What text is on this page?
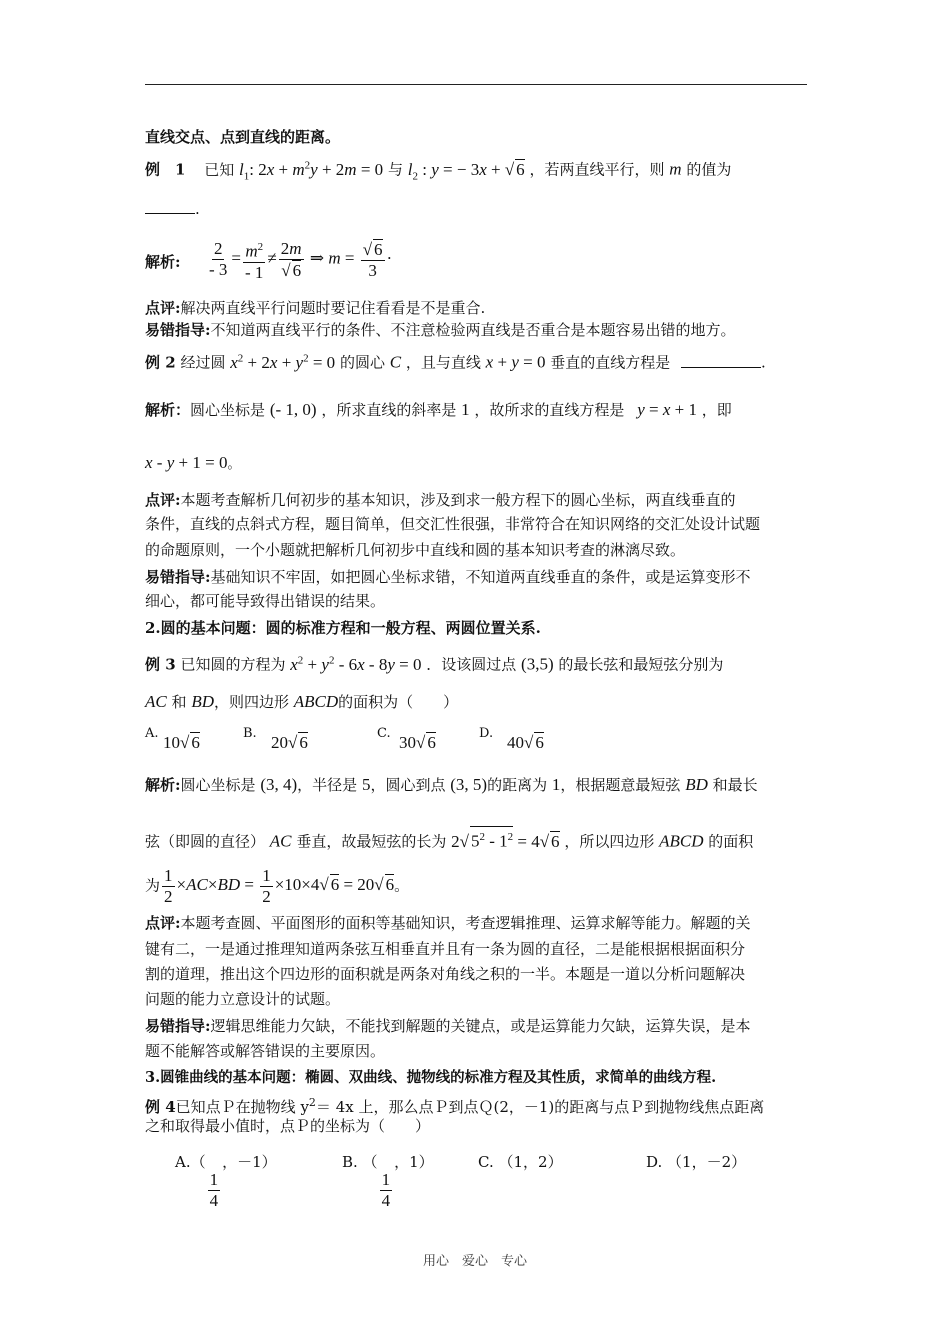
直线交点、点到直线的距离。
例　1 已知 $l_1$: $2x + m^2y + 2m = 0$ 与 $l_2$ : y = − 3x + √ 6 ，若两直线平行，则 m 的值为
.
解析: $\frac{2}{- 3} = \frac{m^2}{- 1} \ne \frac{2m}{√ 6}$ ⇒ $m = \frac{√ 6}{3}$ ·
点评:解决两直线平行问题时要记住看看是不是重合.
易错指导:不知道两直线平行的条件、不注意检验两直线是否重合是本题容易出错的地方。
例 2 经过圆 $x^2 + 2x + y^2 = 0$ 的圆心 C ，且与直线 x + y = 0 垂直的直线方程是	.
解析：圆心坐标是 (- 1, 0) ，所求直线的斜率是 1 ，故所求的直线方程是 y = x + 1 ，即
x - y + 1 = 0。
点评:本题考查解析几何初步的基本知识，涉及到求一般方程下的圆心坐标，两直线垂直的
条件，直线的点斜式方程，题目简单，但交汇性很强，非常符合在知识网络的交汇处设计试题
的命题原则，一个小题就把解析几何初步中直线和圆的基本知识考查的淋漓尽致。
易错指导:基础知识不牢固，如把圆心坐标求错，不知道两直线垂直的条件，或是运算变形不
细心，都可能导致得出错误的结果。
2.圆的基本问题：圆的标准方程和一般方程、两圆位置关系.
例 3 已知圆的方程为 $x^2 + y^2 - 6x - 8y = 0$ ．设该圆过点 (3,5) 的最长弦和最短弦分别为
AC 和 BD，则四边形 ABCD的面积为（　　）
A. 10√ 6	B. 20√ 6	C. 30√ 6	D. 40√ 6
解析:圆心坐标是 (3, 4)，半径是 5，圆心到点 (3, 5)的距离为 1，根据题意最短弦 BD 和最长
弦（即圆的直径） AC 垂直，故最短弦的长为 2√ $5^2 - 1^2 = 4√$ 6 ，所以四边形 ABCD 的面积
为 $\frac{1}{2} \times AC\times BD = \frac{1}{2} \times 10\times 4√$ 6 = 20√ 6。
点评:本题考查圆、平面图形的面积等基础知识，考查逻辑推理、运算求解等能力。解题的关
键有二，一是通过推理知道两条弦互相垂直并且有一条为圆的直径，二是能根据根据面积分
割的道理，推出这个四边形的面积就是两条对角线之积的一半。本题是一道以分析问题解决
问题的能力立意设计的试题。
易错指导:逻辑思维能力欠缺，不能找到解题的关键点，或是运算能力欠缺，运算失误，是本
题不能解答或解答错误的主要原因。
3.圆锥曲线的基本问题：椭圆、双曲线、抛物线的标准方程及其性质，求简单的曲线方程.
例 4已知点Ｐ在抛物线 $y^2= 4x$ 上，那么点Ｐ到点Ｑ(2，－1)的距离与点Ｐ到抛物线焦点距离
之和取得最小值时，点Ｐ的坐标为（　　）
A.（
$\frac{1}{4}$
，－1）	B. （
$\frac{1}{4}$
，1）	C. （1，2）	D. （1，－2）
用心　爱心　专心
